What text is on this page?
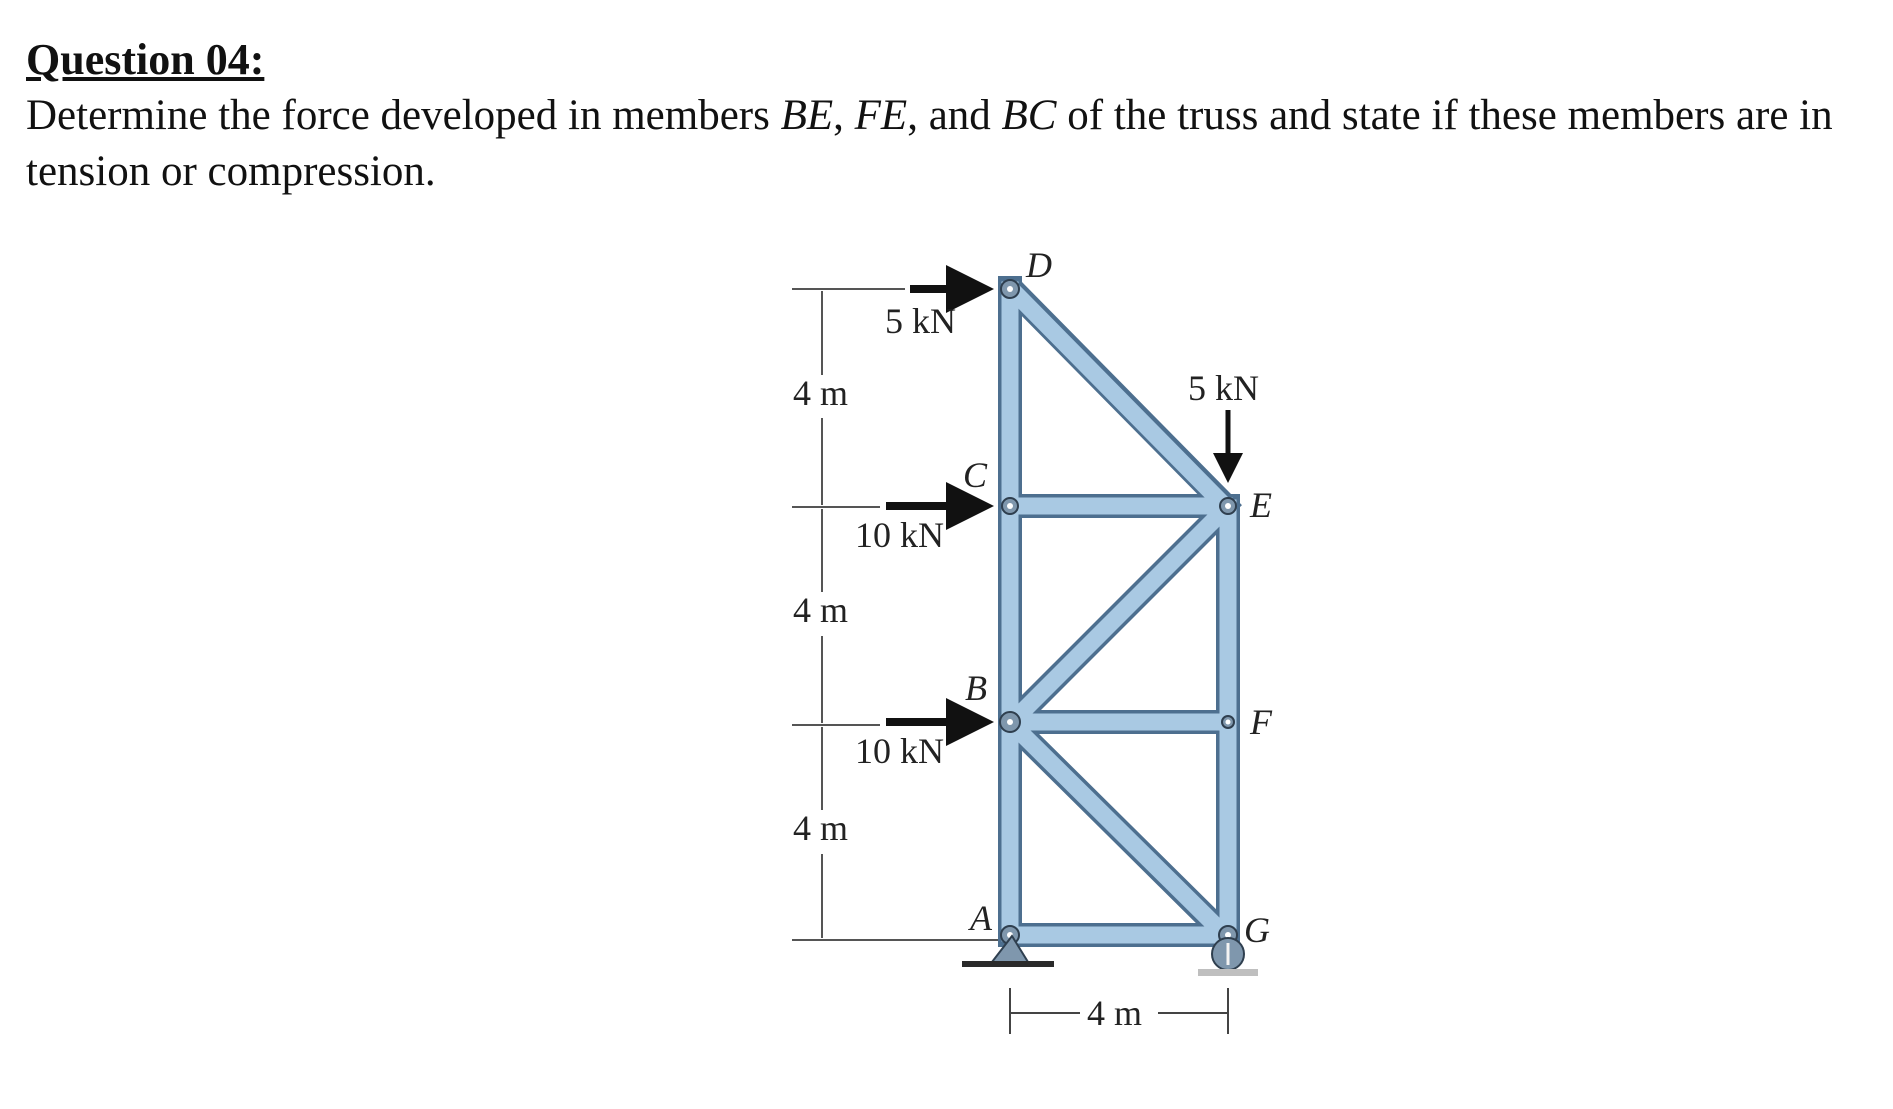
Question 04:

Determine the force developed in members BE, FE, and BC of the truss and state if these members are in tension or compression.

4 m
4 m
4 m
4 m
5 kN
5 kN
10 kN
10 kN
D
C
E
B
F
A	G
